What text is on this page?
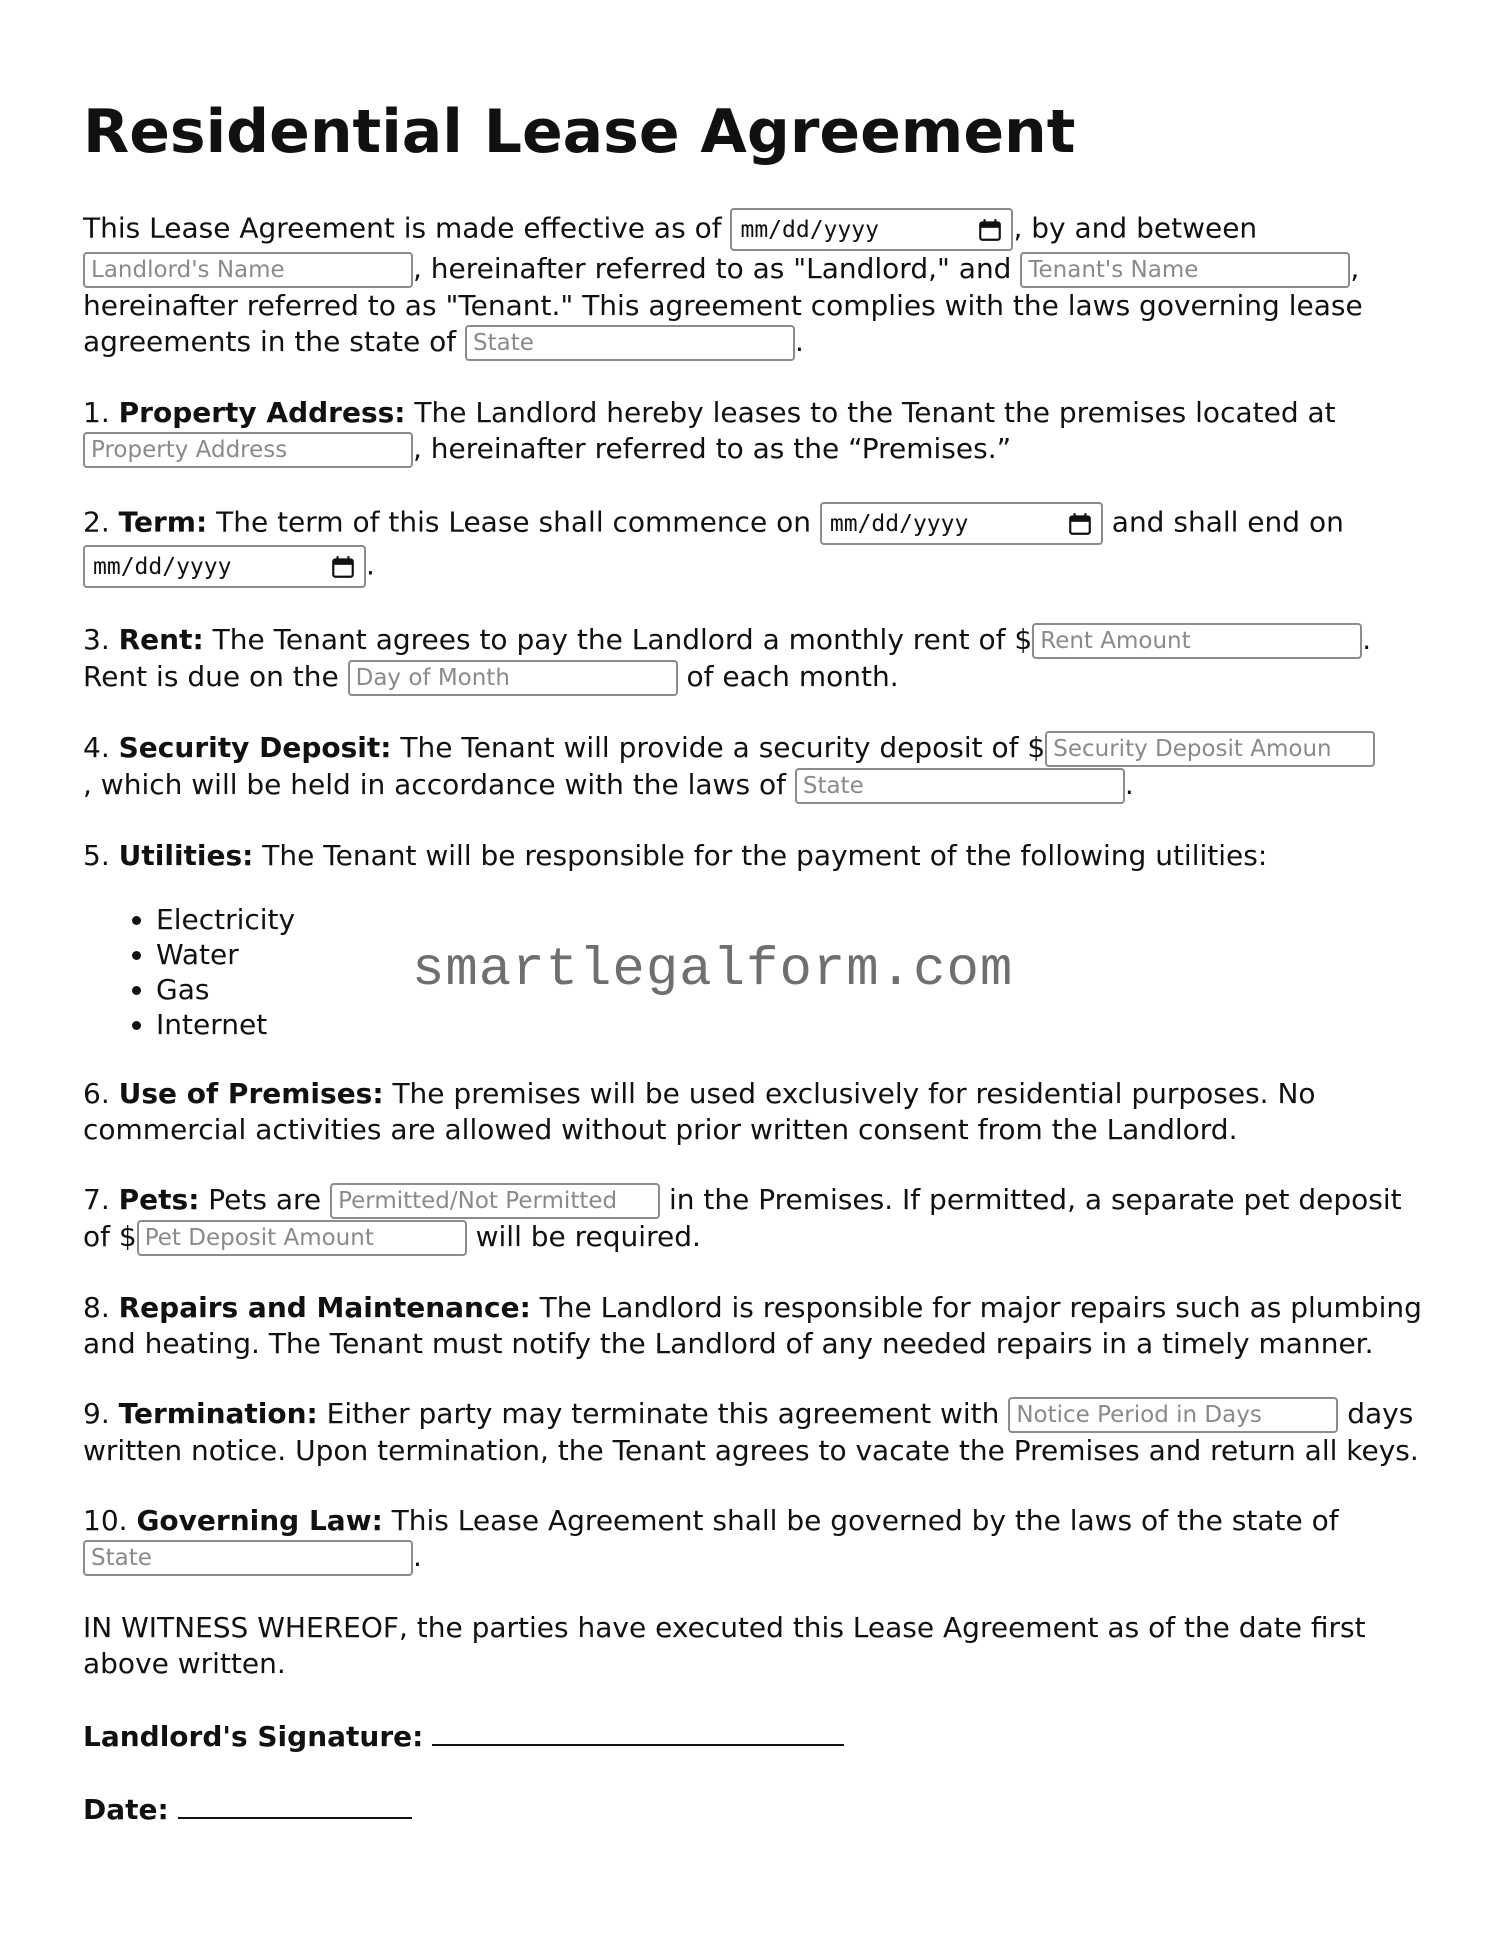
Residential Lease Agreement

This Lease Agreement is made effective as of mm/dd/yyyy	, by and between
Landlord's Name	, hereinafter referred to as "Landlord," and Tenant's Name	, hereinafter referred to as "Tenant." This agreement complies with the laws governing lease agreements in the state of State	.

1. Property Address: The Landlord hereby leases to the Tenant the premises located at
Property Address	, hereinafter referred to as the “Premises.”

2. Term: The term of this Lease shall commence on mm/dd/yyyy	and shall end on

mm/dd/yyyy	.

3. Rent: The Tenant agrees to pay the Landlord a monthly rent of $ Rent Amount	.
Rent is due on the Day of Month	of each month.

4. Security Deposit: The Tenant will provide a security deposit of $ Security Deposit Amoun
, which will be held in accordance with the laws of State	.

5. Utilities: The Tenant will be responsible for the payment of the following utilities:

• Electricity
• Water
• Gas
• Internet

6. Use of Premises: The premises will be used exclusively for residential purposes. No commercial activities are allowed without prior written consent from the Landlord.

7. Pets: Pets are Permitted/Not Permitted in the Premises. If permitted, a separate pet deposit of $ Pet Deposit Amount	will be required.

8. Repairs and Maintenance: The Landlord is responsible for major repairs such as plumbing and heating. The Tenant must notify the Landlord of any needed repairs in a timely manner.

9. Termination: Either party may terminate this agreement with Notice Period in Days	days written notice. Upon termination, the Tenant agrees to vacate the Premises and return all keys.

10. Governing Law: This Lease Agreement shall be governed by the laws of the state of
State	.

IN WITNESS WHEREOF, the parties have executed this Lease Agreement as of the date first above written.

Landlord's Signature:
Date:
smartlegalform.com
